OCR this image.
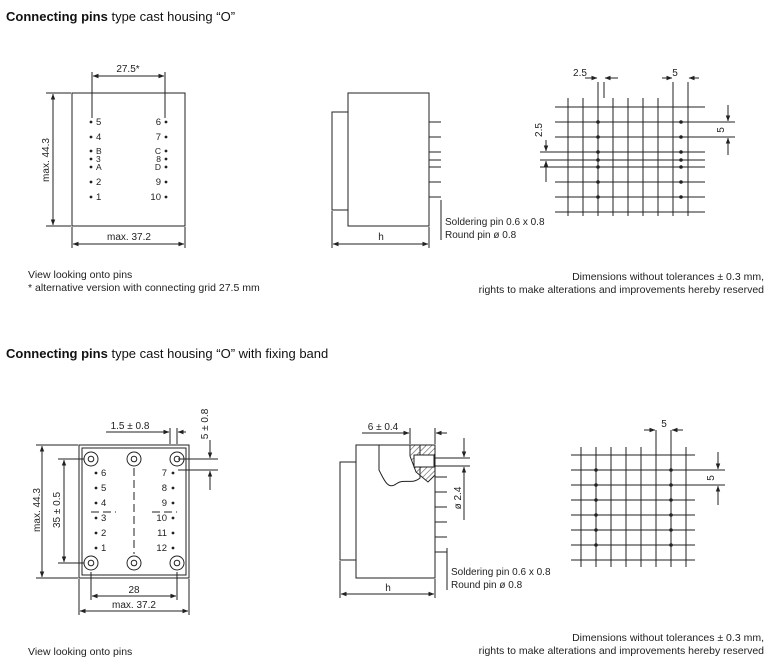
Connecting pins type cast housing “O”
View looking onto pins
* alternative version with connecting grid 27.5 mm
Dimensions without tolerances ± 0.3 mm,
rights to make alterations and improvements hereby reserved
Connecting pins type cast housing “O” with fixing band
View looking onto pins
Dimensions without tolerances ± 0.3 mm,
rights to make alterations and improvements hereby reserved
27.5*
max. 44.3
max. 37.2
5
4
B
3
A
2
1
6
7
C
8
D
9
10
h
Soldering pin 0.6 x 0.8
Round pin ø 0.8
2.5	5
2.5	5
1.5 ± 0.8	5 ± 0.8
max. 44.3 35 ± 0.5
28
max. 37.2
6
5
4
3
2
1
7
8
9
10
11
12
6 ± 0.4
ø 2.4
h
Soldering pin 0.6 x 0.8
Round pin ø 0.8
5
5
